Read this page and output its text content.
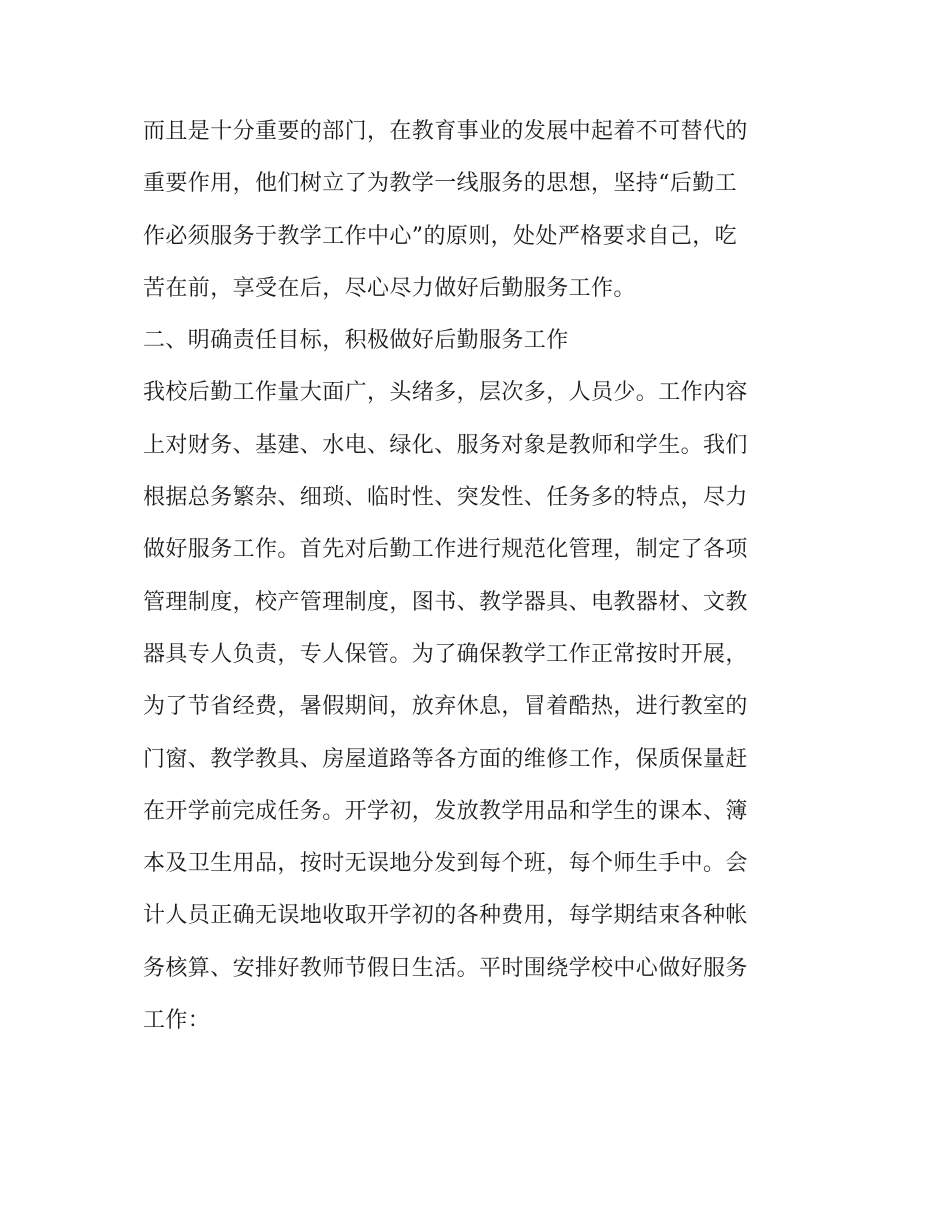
而且是十分重要的部门，在教育事业的发展中起着不可替代的
重要作用，他们树立了为教学一线服务的思想，坚持“后勤工
作必须服务于教学工作中心”的原则，处处严格要求自己，吃
苦在前，享受在后，尽心尽力做好后勤服务工作。
二、明确责任目标，积极做好后勤服务工作
我校后勤工作量大面广，头绪多，层次多，人员少。工作内容
上对财务、基建、水电、绿化、服务对象是教师和学生。我们
根据总务繁杂、细琐、临时性、突发性、任务多的特点，尽力
做好服务工作。首先对后勤工作进行规范化管理，制定了各项
管理制度，校产管理制度，图书、教学器具、电教器材、文教
器具专人负责，专人保管。为了确保教学工作正常按时开展，
为了节省经费，暑假期间，放弃休息，冒着酷热，进行教室的
门窗、教学教具、房屋道路等各方面的维修工作，保质保量赶
在开学前完成任务。开学初，发放教学用品和学生的课本、簿
本及卫生用品，按时无误地分发到每个班，每个师生手中。会
计人员正确无误地收取开学初的各种费用，每学期结束各种帐
务核算、安排好教师节假日生活。平时围绕学校中心做好服务
工作：
